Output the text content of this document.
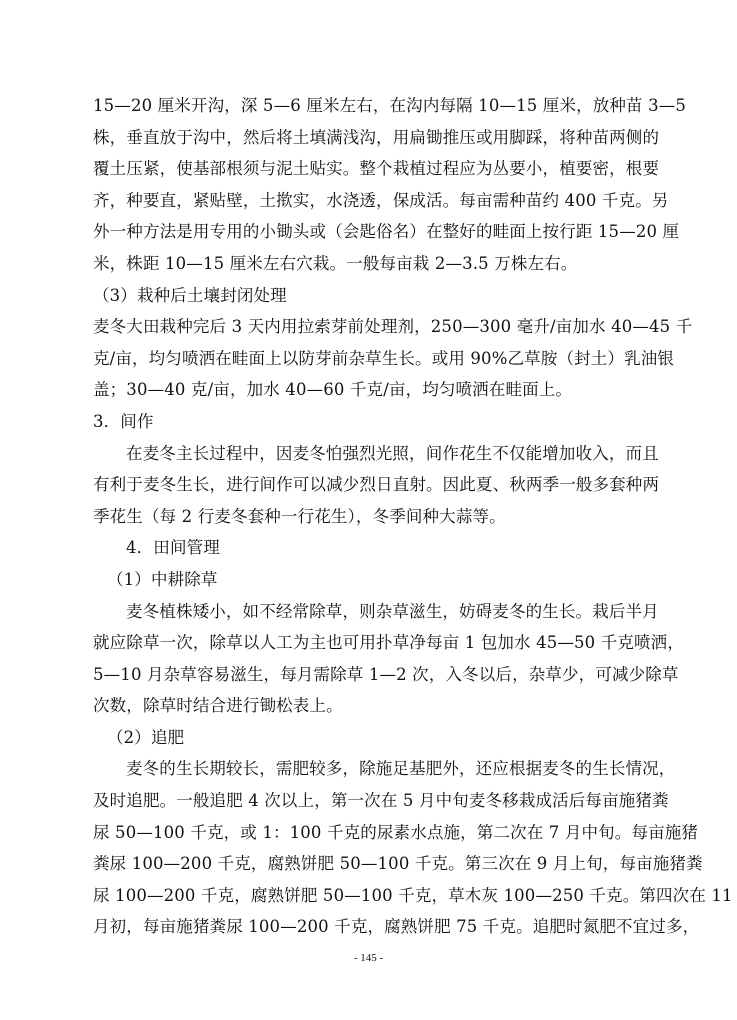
15—20 厘米开沟，深 5—6 厘米左右，在沟内每隔 10—15 厘米，放种苗 3—5
株，垂直放于沟中，然后将土填满浅沟，用扁锄推压或用脚踩，将种苗两侧的
覆土压紧，使基部根须与泥土贴实。整个栽植过程应为丛要小，植要密，根要
齐，种要直，紧贴壁，土揿实，水浇透，保成活。每亩需种苗约 400 千克。另
外一种方法是用专用的小锄头或（会匙俗名）在整好的畦面上按行距 15—20 厘
米，株距 10—15 厘米左右穴栽。一般每亩栽 2—3.5 万株左右。
（3）栽种后土壤封闭处理
麦冬大田栽种完后 3 天内用拉索芽前处理剂，250—300 毫升/亩加水 40—45 千
克/亩，均匀喷洒在畦面上以防芽前杂草生长。或用 90%乙草胺（封土）乳油银
盖；30—40 克/亩，加水 40—60 千克/亩，均匀喷洒在畦面上。
3．间作
在麦冬主长过程中，因麦冬怕强烈光照，间作花生不仅能增加收入，而且
有利于麦冬生长，进行间作可以减少烈日直射。因此夏、秋两季一般多套种两
季花生（每 2 行麦冬套种一行花生），冬季间种大蒜等。
4．田间管理
（1）中耕除草
麦冬植株矮小，如不经常除草，则杂草滋生，妨碍麦冬的生长。栽后半月
就应除草一次，除草以人工为主也可用扑草净每亩 1 包加水 45—50 千克喷洒，
5—10 月杂草容易滋生，每月需除草 1—2 次，入冬以后，杂草少，可减少除草
次数，除草时结合进行锄松表上。
（2）追肥
麦冬的生长期较长，需肥较多，除施足基肥外，还应根据麦冬的生长情况，
及时追肥。一般追肥 4 次以上，第一次在 5 月中旬麦冬移栽成活后每亩施猪粪
尿 50—100 千克，或 1：100 千克的尿素水点施，第二次在 7 月中旬。每亩施猪
粪尿 100—200 千克，腐熟饼肥 50—100 千克。第三次在 9 月上旬，每亩施猪粪
尿 100—200 千克，腐熟饼肥 50—100 千克，草木灰 100—250 千克。第四次在 11
月初，每亩施猪粪尿 100—200 千克，腐熟饼肥 75 千克。追肥时氮肥不宜过多，
- 145 -
